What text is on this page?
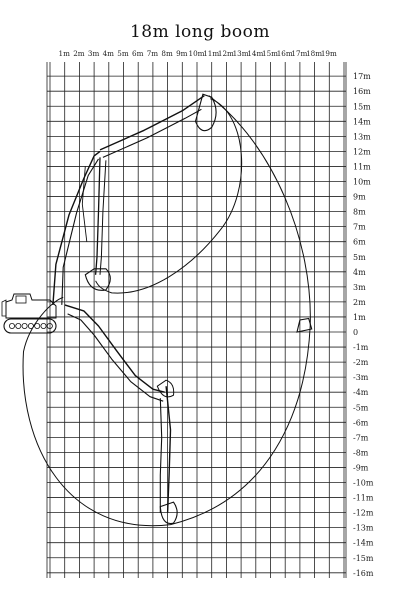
18m long boom
1m 2m 3m 4m 5m 6m 7m 8m 9m 10m
11m
12m
13m
14m
15m
16m
17m
18m
19m
17m
16m
15m
14m
13m
12m
11m
10m
9m
8m
7m
6m
5m
4m
3m
2m
1m
0
-1m
-2m
-3m
-4m
-5m
-6m
-7m
-8m
-9m
-10m
-11m
-12m
-13m
-14m
-15m
-16m
